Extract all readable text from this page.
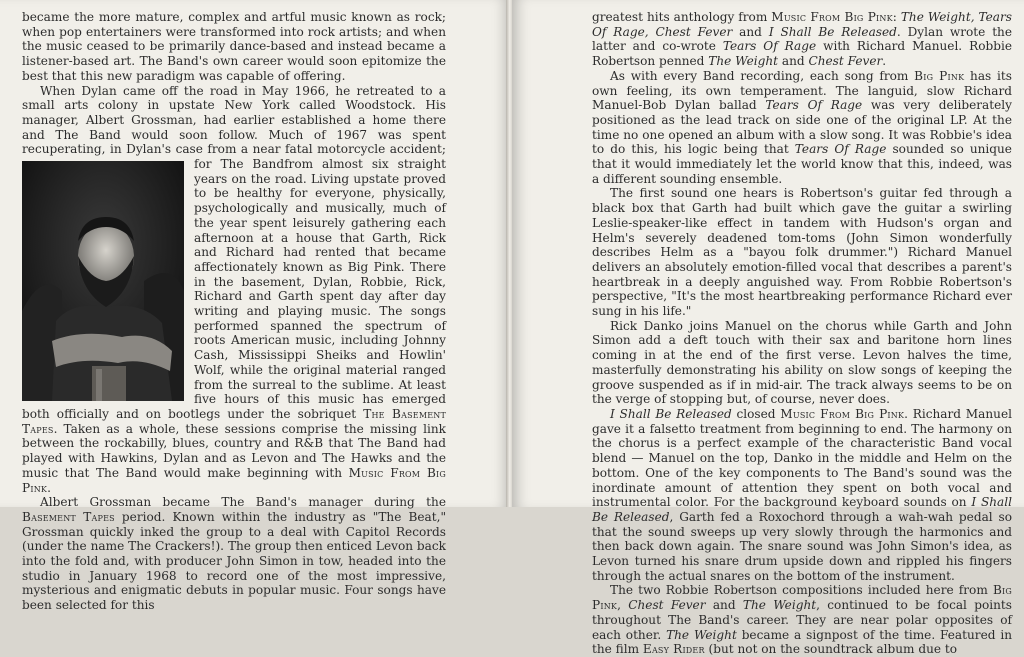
became the more mature, complex and artful music known as rock; when pop entertainers were transformed into rock artists; and when the music ceased to be primarily dance-based and instead became a listener-based art. The Band's own career would soon epitomize the best that this new paradigm was capable of offering.

When Dylan came off the road in May 1966, he retreated to a small arts colony in upstate New York called Woodstock. His manager, Albert Grossman, had earlier established a home there and The Band would soon follow. Much of 1967 was spent recuperating, in Dylan's case from a near fatal motorcycle accident; for The Band
from almost six straight years on the road. Living upstate proved to be healthy for everyone, physically, psychologically and musically, much of the year spent leisurely gathering each afternoon at a house that Garth, Rick and Richard had rented that became affectionately known as Big Pink. There in the basement, Dylan, Robbie, Rick, Richard and Garth spent day after day writing and playing music. The songs performed spanned the spectrum of roots American music, including Johnny Cash, Mississippi Sheiks and Howlin' Wolf, while the original material ranged from the surreal to the sublime. At least five hours of this music has emerged both officially and on bootlegs under the sobriquet The Basement Tapes. Taken as a whole, these sessions comprise the missing link between the rockabilly, blues, country and R&B that The Band had played with Hawkins, Dylan and as Levon and The Hawks and the music that The Band would make beginning with Music From Big Pink.

Albert Grossman became The Band's manager during the Basement Tapes period. Known within the industry as "The Beat," Grossman quickly inked the group to a deal with Capitol Records (under the name The Crackers!). The group then enticed Levon back into the fold and, with producer John Simon in tow, headed into the studio in January 1968 to record one of the most impressive, mysterious and enigmatic debuts in popular music. Four songs have been selected for this

greatest hits anthology from Music From Big Pink: The Weight, Tears Of Rage, Chest Fever and I Shall Be Released. Dylan wrote the latter and co-wrote Tears Of Rage with Richard Manuel. Robbie Robertson penned The Weight and Chest Fever.

As with every Band recording, each song from Big Pink has its own feeling, its own temperament. The languid, slow Richard Manuel-Bob Dylan ballad Tears Of Rage was very deliberately positioned as the lead track on side one of the original LP. At the time no one opened an album with a slow song. It was Robbie's idea to do this, his logic being that Tears Of Rage sounded so unique that it would immediately let the world know that this, indeed, was a different sounding ensemble.

The first sound one hears is Robertson's guitar fed through a black box that Garth had built which gave the guitar a swirling Leslie-speaker-like effect in tandem with Hudson's organ and Helm's severely deadened tom-toms (John Simon wonderfully describes Helm as a "bayou folk drummer.") Richard Manuel delivers an absolutely emotion-filled vocal that describes a parent's heartbreak in a deeply anguished way. From Robbie Robertson's perspective, "It's the most heartbreaking performance Richard ever sung in his life."

Rick Danko joins Manuel on the chorus while Garth and John Simon add a deft touch with their sax and baritone horn lines coming in at the end of the first verse. Levon halves the time, masterfully demonstrating his ability on slow songs of keeping the groove suspended as if in mid-air. The track always seems to be on the verge of stopping but, of course, never does.

I Shall Be Released closed Music From Big Pink. Richard Manuel gave it a falsetto treatment from beginning to end. The harmony on the chorus is a perfect example of the characteristic Band vocal blend — Manuel on the top, Danko in the middle and Helm on the bottom. One of the key components to The Band's sound was the inordinate amount of attention they spent on both vocal and instrumental color. For the background keyboard sounds on I Shall Be Released, Garth fed a Roxochord through a wah-wah pedal so that the sound sweeps up very slowly through the harmonics and then back down again. The snare sound was John Simon's idea, as Levon turned his snare drum upside down and rippled his fingers through the actual snares on the bottom of the instrument.

The two Robbie Robertson compositions included here from Big Pink, Chest Fever and The Weight, continued to be focal points throughout The Band's career. They are near polar opposites of each other. The Weight became a signpost of the time. Featured in the film Easy Rider (but not on the soundtrack album due to
